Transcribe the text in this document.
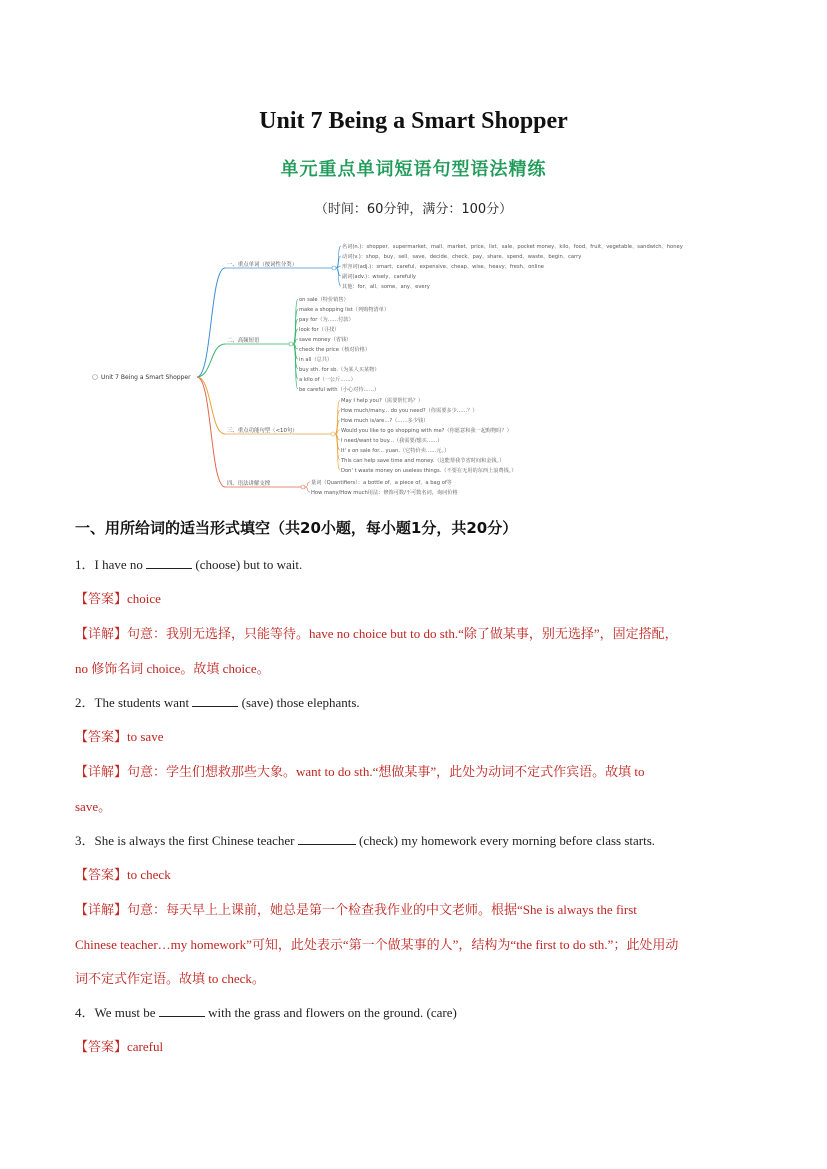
Unit 7 Being a Smart Shopper
单元重点单词短语句型语法精练
（时间：60分钟，满分：100分）
一、重点单词（按词性分类）
名词(n.)：shopper、supermarket、mall、market、price、list、sale、pocket money、kilo、food、fruit、vegetable、sandwich、honey
动词(v.)：shop、buy、sell、save、decide、check、pay、share、spend、waste、begin、carry
形容词(adj.)：smart、careful、expensive、cheap、wise、heavy、fresh、online
副词(adv.)：wisely、carefully
其他：for、all、some、any、every
二、高频短语
on sale（特价销售）
make a shopping list（列购物清单）
pay for（为……付款）
look for（寻找）
save money（省钱）
check the price（核对价格）
in all（总共）
buy sth. for sb.（为某人买某物）
a kilo of（一公斤……）
be careful with（小心对待……）
三、重点功能句型（<10句）
May I help you?（需要帮忙吗？）
How much/many... do you need?（你需要多少……？）
How much is/are...?（……多少钱）
Would you like to go shopping with me?（你愿意和我一起购物吗？）
I need/want to buy...（我需要/想买……）
It' s on sale for... yuan.（它特价卖……元。）
This can help save time and money.（这能帮我节省时间和金钱。）
Don' t waste money on useless things.（不要在无用的东西上浪费钱。）
四、语法讲解支撑	量词（Quantifiers）：a bottle of、a piece of、a bag of等
How many/How much用法：修饰可数/不可数名词，询问价格
Unit 7 Being a Smart Shopper
一、用所给词的适当形式填空（共20小题，每小题1分，共20分）
1．I have no	(choose) but to wait.
【答案】choice
【详解】句意：我别无选择，只能等待。have no choice but to do sth.“除了做某事，别无选择”，固定搭配，
no 修饰名词 choice。故填 choice。
2．The students want	(save) those elephants.
【答案】to save
【详解】句意：学生们想救那些大象。want to do sth.“想做某事”，此处为动词不定式作宾语。故填 to
save。
3．She is always the first Chinese teacher	(check) my homework every morning before class starts.
【答案】to check
【详解】句意：每天早上上课前，她总是第一个检查我作业的中文老师。根据“She is always the first
Chinese teacher…my homework”可知，此处表示“第一个做某事的人”，结构为“the first to do sth.”；此处用动
词不定式作定语。故填 to check。
4．We must be	with the grass and flowers on the ground. (care)
【答案】careful
